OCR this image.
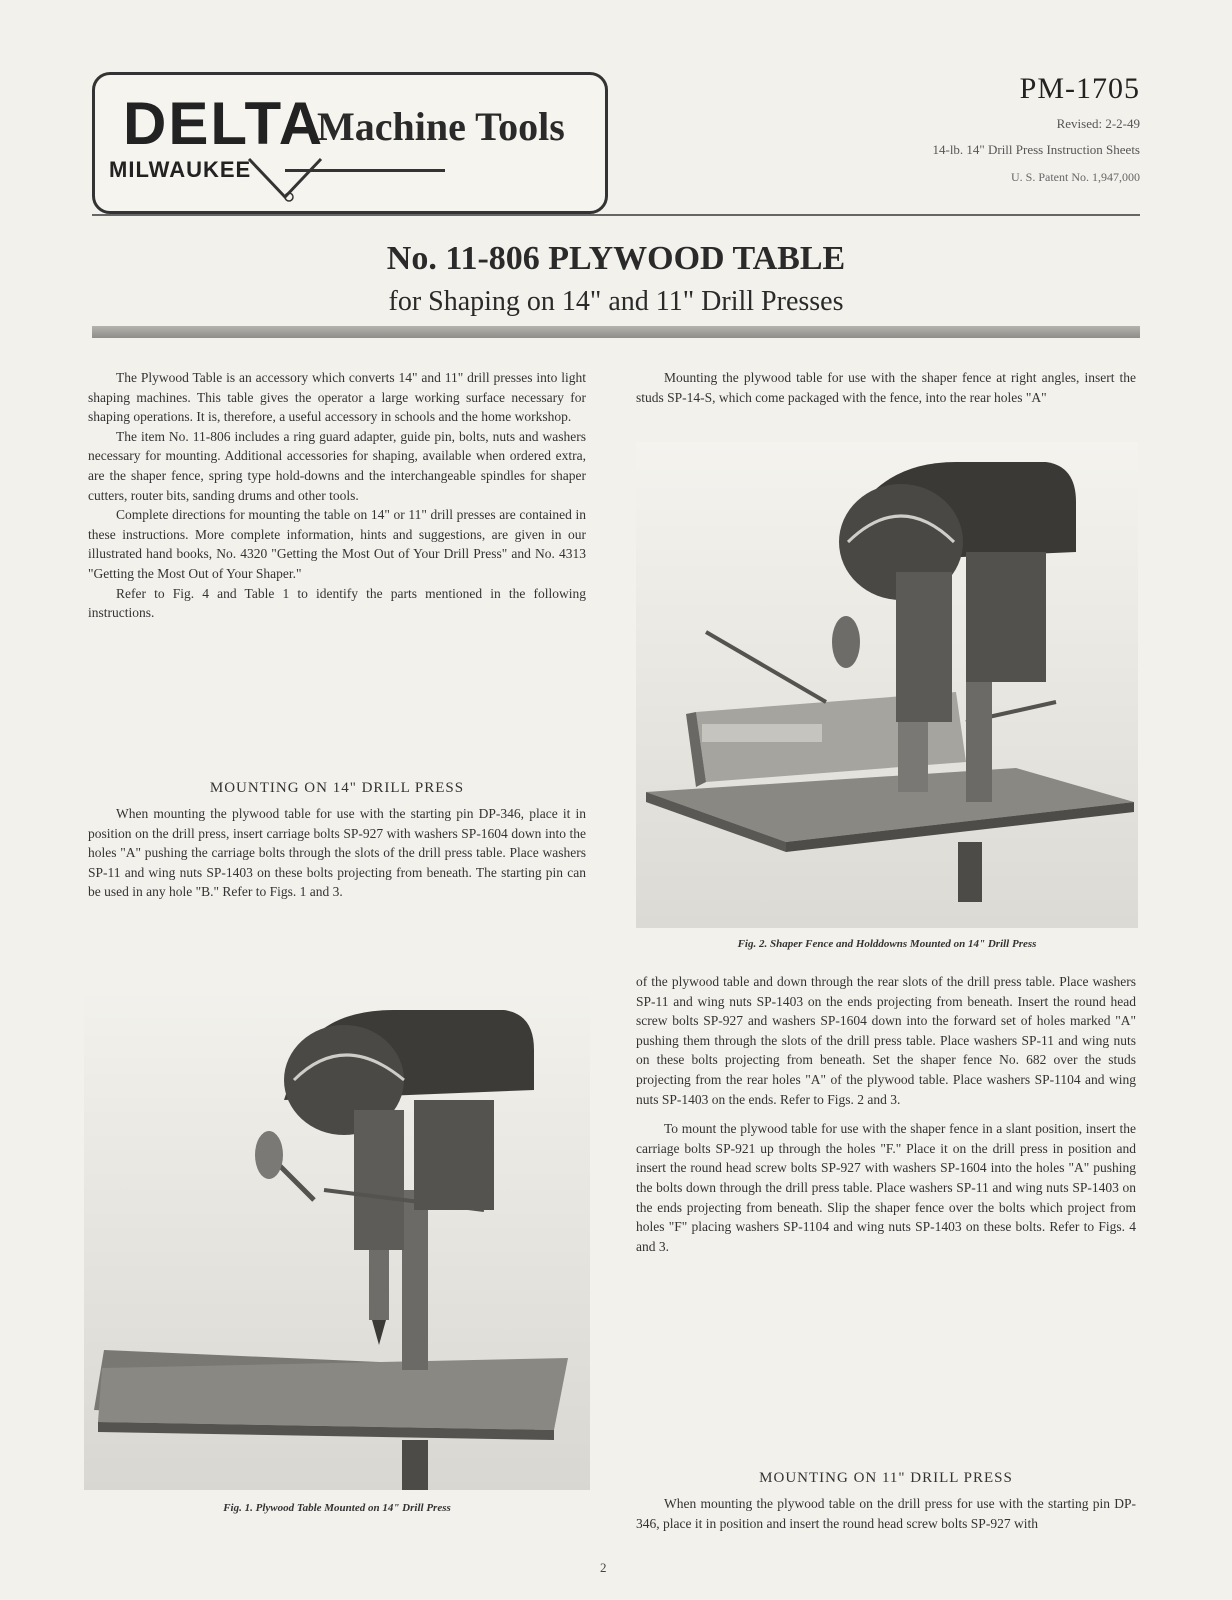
DELTA
Machine Tools
MILWAUKEE
PM-1705
Revised: 2-2-49
14-lb. 14" Drill Press Instruction Sheets
U. S. Patent No. 1,947,000
No. 11-806 PLYWOOD TABLE
for Shaping on 14" and 11" Drill Presses

The Plywood Table is an accessory which converts 14" and 11" drill presses into light shaping machines. This table gives the operator a large working surface necessary for shaping operations. It is, therefore, a useful accessory in schools and the home workshop.

The item No. 11-806 includes a ring guard adapter, guide pin, bolts, nuts and washers necessary for mounting. Additional accessories for shaping, available when ordered extra, are the shaper fence, spring type hold-downs and the interchangeable spindles for shaper cutters, router bits, sanding drums and other tools.

Complete directions for mounting the table on 14" or 11" drill presses are contained in these instructions. More complete information, hints and suggestions, are given in our illustrated hand books, No. 4320 "Getting the Most Out of Your Drill Press" and No. 4313 "Getting the Most Out of Your Shaper."

Refer to Fig. 4 and Table 1 to identify the parts mentioned in the following instructions.

MOUNTING ON 14" DRILL PRESS

When mounting the plywood table for use with the starting pin DP-346, place it in position on the drill press, insert carriage bolts SP-927 with washers SP-1604 down into the holes "A" pushing the carriage bolts through the slots of the drill press table. Place washers SP-11 and wing nuts SP-1403 on these bolts projecting from beneath. The starting pin can be used in any hole "B." Refer to Figs. 1 and 3.

Fig. 1. Plywood Table Mounted on 14" Drill Press

Mounting the plywood table for use with the shaper fence at right angles, insert the studs SP-14-S, which come packaged with the fence, into the rear holes "A"

Fig. 2. Shaper Fence and Holddowns Mounted on 14" Drill Press

of the plywood table and down through the rear slots of the drill press table. Place washers SP-11 and wing nuts SP-1403 on the ends projecting from beneath. Insert the round head screw bolts SP-927 and washers SP-1604 down into the forward set of holes marked "A" pushing them through the slots of the drill press table. Place washers SP-11 and wing nuts on these bolts projecting from beneath. Set the shaper fence No. 682 over the studs projecting from the rear holes "A" of the plywood table. Place washers SP-1104 and wing nuts SP-1403 on the ends. Refer to Figs. 2 and 3.

To mount the plywood table for use with the shaper fence in a slant position, insert the carriage bolts SP-921 up through the holes "F." Place it on the drill press in position and insert the round head screw bolts SP-927 with washers SP-1604 into the holes "A" pushing the bolts down through the drill press table. Place washers SP-11 and wing nuts SP-1403 on the ends projecting from beneath. Slip the shaper fence over the bolts which project from holes "F" placing washers SP-1104 and wing nuts SP-1403 on these bolts. Refer to Figs. 4 and 3.

MOUNTING ON 11" DRILL PRESS

When mounting the plywood table on the drill press for use with the starting pin DP-346, place it in position and insert the round head screw bolts SP-927 with

2
